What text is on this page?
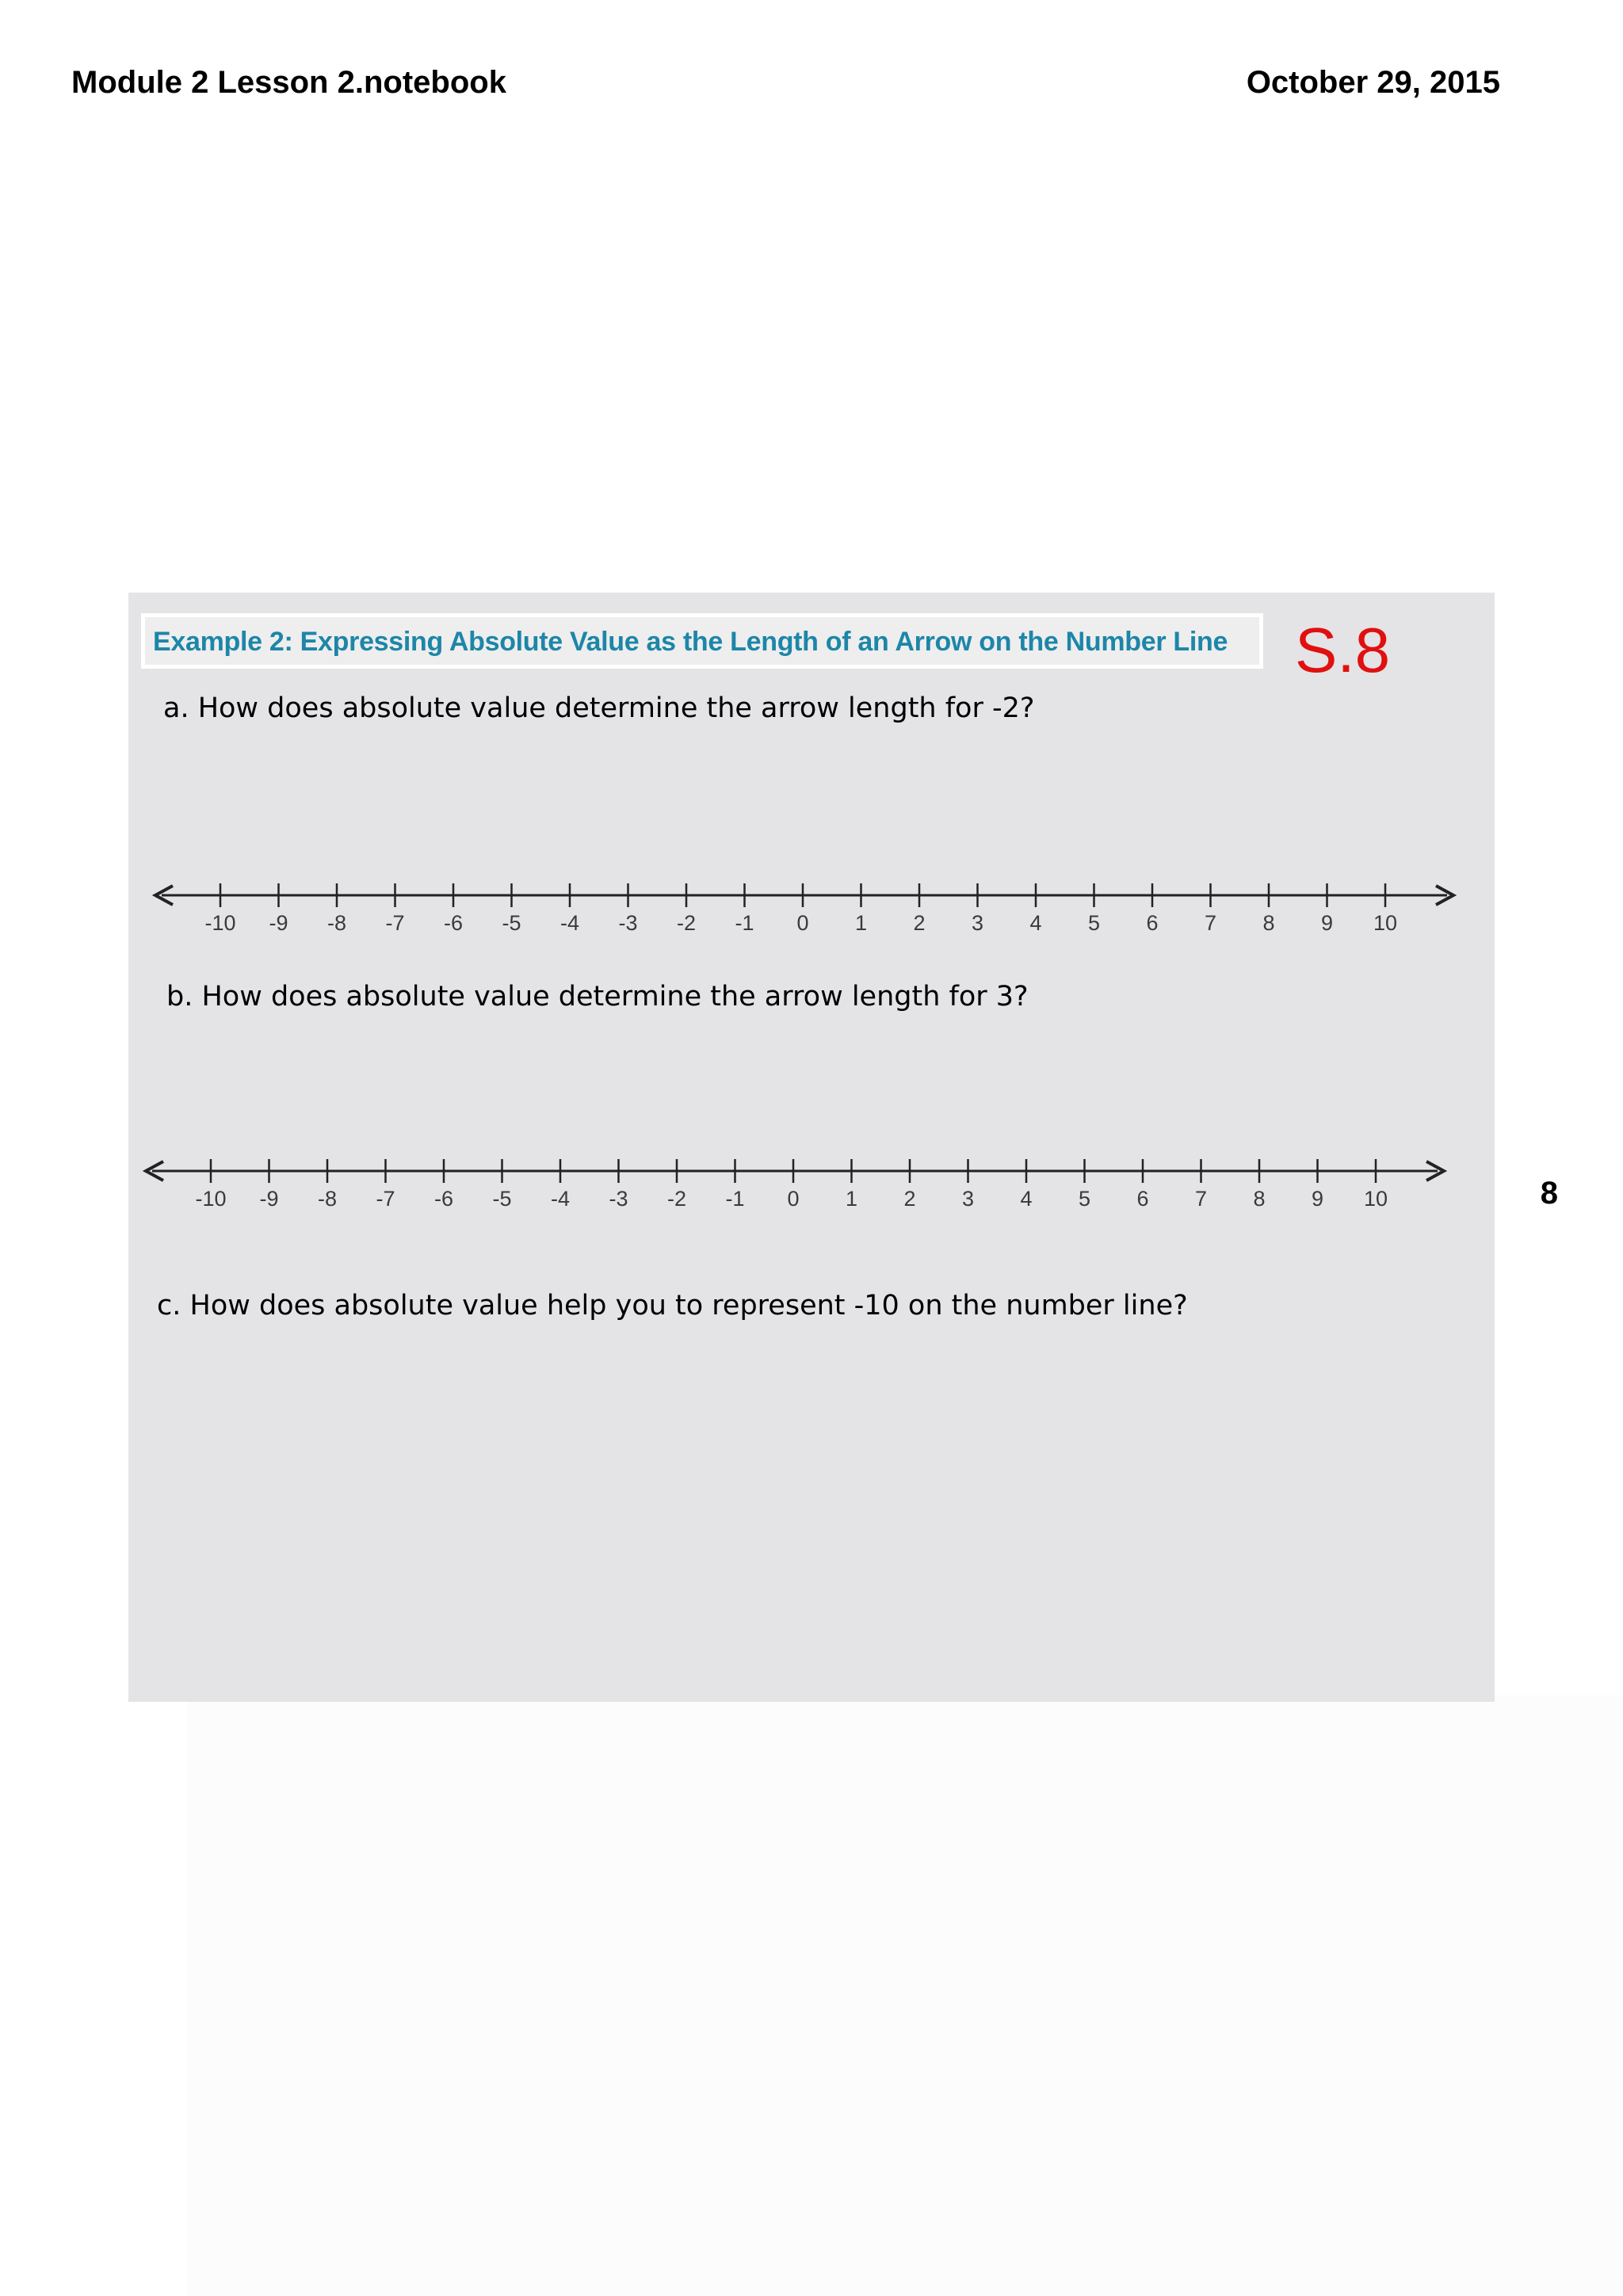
Module 2 Lesson 2.notebook	October 29, 2015
Example 2: Expressing Absolute Value as the Length of an Arrow on the Number Line S.8
a. How does absolute value determine the arrow length for -2?
-10 -9 -8 -7 -6 -5 -4 -3 -2 -1 0 1 2 3 4 5 6 7 8 9 10
b. How does absolute value determine the arrow length for 3?
-10 -9 -8 -7 -6 -5 -4 -3 -2 -1 0 1 2 3 4 5 6 7 8 9 10
c. How does absolute value help you to represent -10 on the number line?
8
